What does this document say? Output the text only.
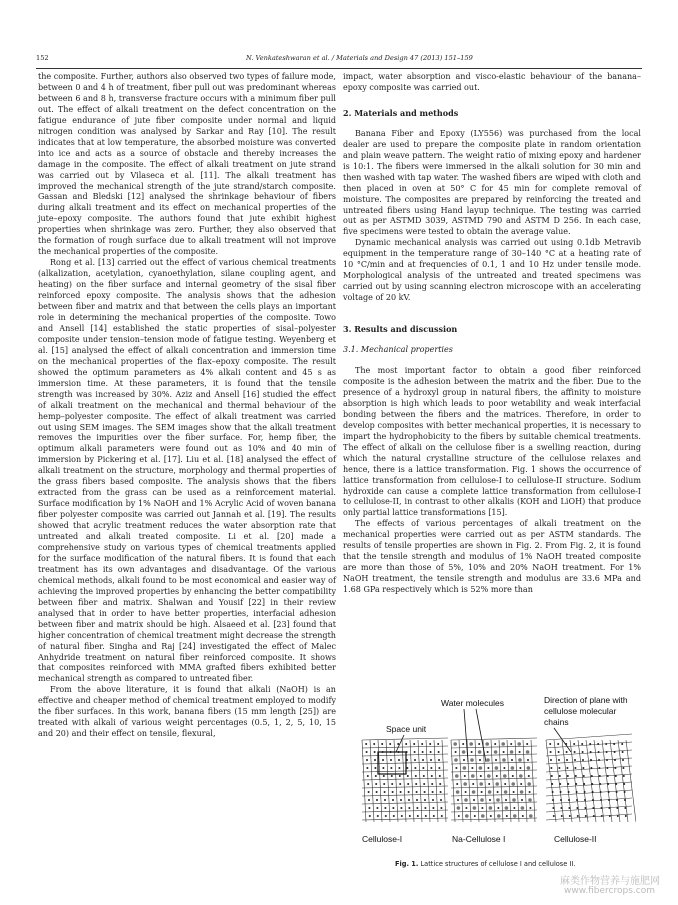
152	N. Venkateshwaran et al. / Materials and Design 47 (2013) 151–159

the composite. Further, authors also observed two types of failure mode, between 0 and 4 h of treatment, fiber pull out was predominant whereas between 6 and 8 h, transverse fracture occurs with a minimum fiber pull out. The effect of alkali treatment on the defect concentration on the fatigue endurance of jute fiber composite under normal and liquid nitrogen condition was analysed by Sarkar and Ray [10]. The result indicates that at low temperature, the absorbed moisture was converted into ice and acts as a source of obstacle and thereby increases the damage in the composite. The effect of alkali treatment on jute strand was carried out by Vilaseca et al. [11]. The alkali treatment has improved the mechanical strength of the jute strand/starch composite. Gassan and Bledski [12] analysed the shrinkage behaviour of fibers during alkali treatment and its effect on mechanical properties of the jute–epoxy composite. The authors found that jute exhibit highest properties when shrinkage was zero. Further, they also observed that the formation of rough surface due to alkali treatment will not improve the mechanical properties of the composite.

Rong et al. [13] carried out the effect of various chemical treatments (alkalization, acetylation, cyanoethylation, silane coupling agent, and heating) on the fiber surface and internal geometry of the sisal fiber reinforced epoxy composite. The analysis shows that the adhesion between fiber and matrix and that between the cells plays an important role in determining the mechanical properties of the composite. Towo and Ansell [14] established the static properties of sisal–polyester composite under tension–tension mode of fatigue testing. Weyenberg et al. [15] analysed the effect of alkali concentration and immersion time on the mechanical properties of the flax–epoxy composite. The result showed the optimum parameters as 4% alkali content and 45 s as immersion time. At these parameters, it is found that the tensile strength was increased by 30%. Aziz and Ansell [16] studied the effect of alkali treatment on the mechanical and thermal behaviour of the hemp–polyester composite. The effect of alkali treatment was carried out using SEM images. The SEM images show that the alkali treatment removes the impurities over the fiber surface. For, hemp fiber, the optimum alkali parameters were found out as 10% and 40 min of immersion by Pickering et al. [17]. Liu et al. [18] analysed the effect of alkali treatment on the structure, morphology and thermal properties of the grass fibers based composite. The analysis shows that the fibers extracted from the grass can be used as a reinforcement material. Surface modification by 1% NaOH and 1% Acrylic Acid of woven banana fiber polyester composite was carried out Jannah et al. [19]. The results showed that acrylic treatment reduces the water absorption rate that untreated and alkali treated composite. Li et al. [20] made a comprehensive study on various types of chemical treatments applied for the surface modification of the natural fibers. It is found that each treatment has its own advantages and disadvantage. Of the various chemical methods, alkali found to be most economical and easier way of achieving the improved properties by enhancing the better compatibility between fiber and matrix. Shalwan and Yousif [22] in their review analysed that in order to have better properties, interfacial adhesion between fiber and matrix should be high. Alsaeed et al. [23] found that higher concentration of chemical treatment might decrease the strength of natural fiber. Singha and Raj [24] investigated the effect of Malec Anhydride treatment on natural fiber reinforced composite. It shows that composites reinforced with MMA grafted fibers exhibited better mechanical strength as compared to untreated fiber.

From the above literature, it is found that alkali (NaOH) is an effective and cheaper method of chemical treatment employed to modify the fiber surfaces. In this work, banana fibers (15 mm length [25]) are treated with alkali of various weight percentages (0.5, 1, 2, 5, 10, 15 and 20) and their effect on tensile, flexural,

impact, water absorption and visco-elastic behaviour of the banana–epoxy composite was carried out.

2. Materials and methods

Banana Fiber and Epoxy (LY556) was purchased from the local dealer are used to prepare the composite plate in random orientation and plain weave pattern. The weight ratio of mixing epoxy and hardener is 10:1. The fibers were immersed in the alkali solution for 30 min and then washed with tap water. The washed fibers are wiped with cloth and then placed in oven at 50° C for 45 min for complete removal of moisture. The composites are prepared by reinforcing the treated and untreated fibers using Hand layup technique. The testing was carried out as per ASTMD 3039, ASTMD 790 and ASTM D 256. In each case, five specimens were tested to obtain the average value.

Dynamic mechanical analysis was carried out using 0.1db Metravib equipment in the temperature range of 30–140 °C at a heating rate of 10 °C/min and at frequencies of 0.1, 1 and 10 Hz under tensile mode. Morphological analysis of the untreated and treated specimens was carried out by using scanning electron microscope with an accelerating voltage of 20 kV.

3. Results and discussion

3.1. Mechanical properties

The most important factor to obtain a good fiber reinforced composite is the adhesion between the matrix and the fiber. Due to the presence of a hydroxyl group in natural fibers, the affinity to moisture absorption is high which leads to poor wetability and weak interfacial bonding between the fibers and the matrices. Therefore, in order to develop composites with better mechanical properties, it is necessary to impart the hydrophobicity to the fibers by suitable chemical treatments. The effect of alkali on the cellulose fiber is a swelling reaction, during which the natural crystalline structure of the cellulose relaxes and hence, there is a lattice transformation. Fig. 1 shows the occurrence of lattice transformation from cellulose-I to cellulose-II structure. Sodium hydroxide can cause a complete lattice transformation from cellulose-I to cellulose-II, in contrast to other alkalis (KOH and LiOH) that produce only partial lattice transformations [15].

The effects of various percentages of alkali treatment on the mechanical properties were carried out as per ASTM standards. The results of tensile properties are shown in Fig. 2. From Fig. 2, it is found that the tensile strength and modulus of 1% NaOH treated composite are more than those of 5%, 10% and 20% NaOH treatment. For 1% NaOH treatment, the tensile strength and modulus are 33.6 MPa and 1.68 GPa respectively which is 52% more than

Space unit
Water molecules	Direction of plane with
cellulose molecular
chains
Cellulose-I	Na-Cellulose I	Cellulose-II
Fig. 1. Lattice structures of cellulose I and cellulose II.
麻类作物营养与施肥网
www.fibercrops.com
